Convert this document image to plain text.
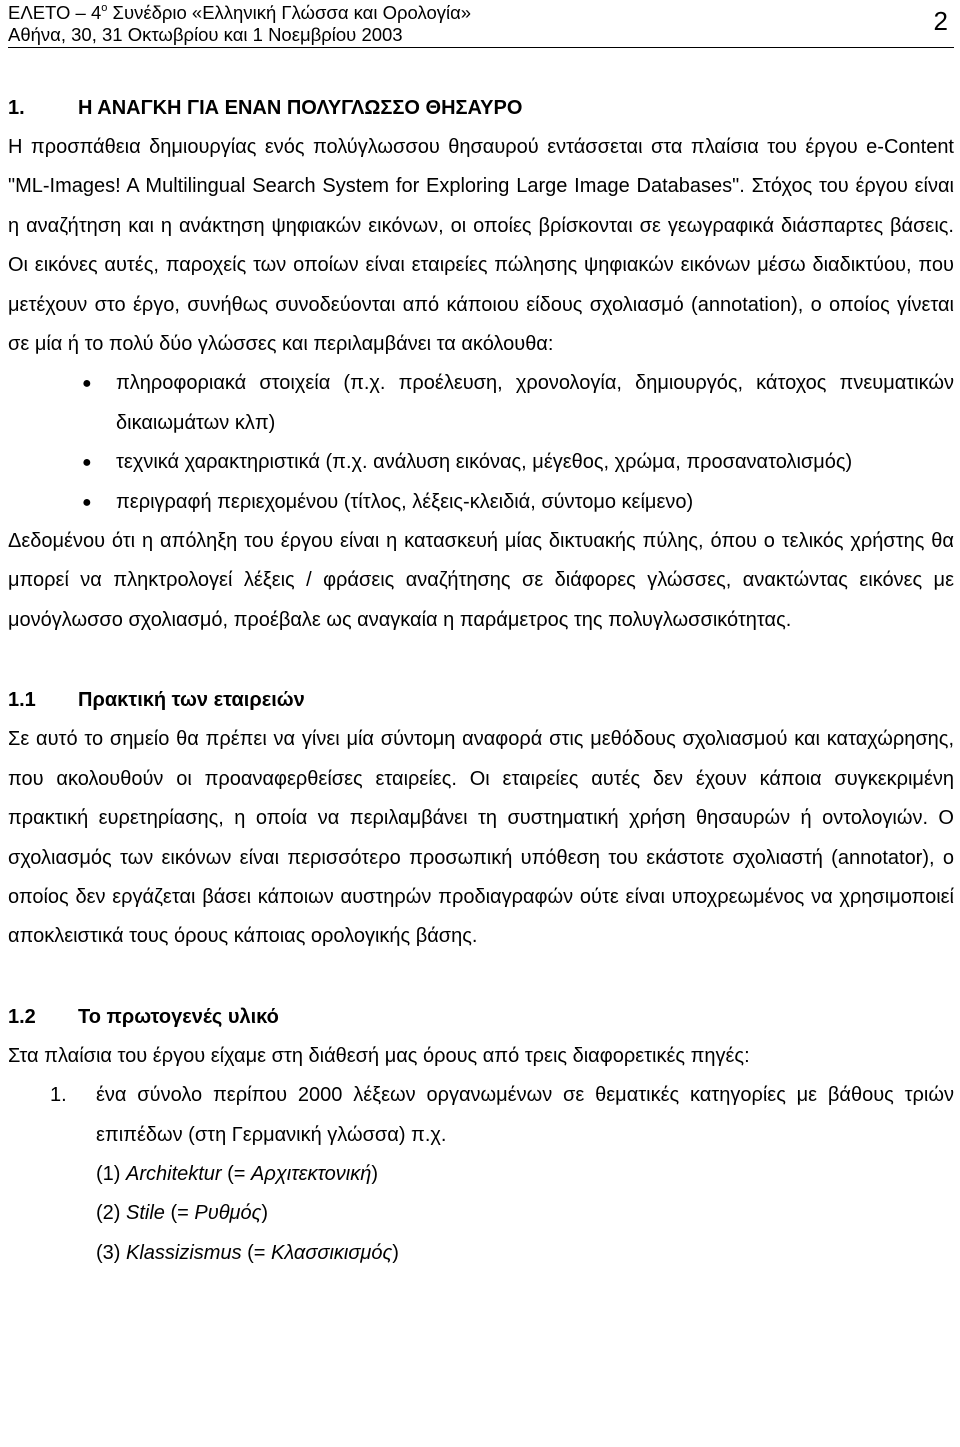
ΕΛΕΤΟ – $4^o$ Συνέδριο «Ελληνική Γλώσσα και Ορολογία»
Αθήνα, 30, 31 Οκτωβρίου και 1 Νοεμβρίου 2003	2
1.	Η ΑΝΑΓΚΗ ΓΙΑ ΕΝΑΝ ΠΟΛΥΓΛΩΣΣΟ ΘΗΣΑΥΡΟ

Η προσπάθεια δημιουργίας ενός πολύγλωσσου θησαυρού εντάσσεται στα πλαίσια του έργου e-Content "ML-Images! A Multilingual Search System for Exploring Large Image Databases". Στόχος του έργου είναι η αναζήτηση και η ανάκτηση ψηφιακών εικόνων, οι οποίες βρίσκονται σε γεωγραφικά διάσπαρτες βάσεις. Οι εικόνες αυτές, παροχείς των οποίων είναι εταιρείες πώλησης ψηφιακών εικόνων μέσω διαδικτύου, που μετέχουν στο έργο, συνήθως συνοδεύονται από κάποιου είδους σχολιασμό (annotation), ο οποίος γίνεται σε μία ή το πολύ δύο γλώσσες και περιλαμβάνει τα ακόλουθα:

● πληροφοριακά στοιχεία (π.χ. προέλευση, χρονολογία, δημιουργός, κάτοχος πνευματικών δικαιωμάτων κλπ)
● τεχνικά χαρακτηριστικά (π.χ. ανάλυση εικόνας, μέγεθος, χρώμα, προσανατολισμός)
● περιγραφή περιεχομένου (τίτλος, λέξεις-κλειδιά, σύντομο κείμενο)

Δεδομένου ότι η απόληξη του έργου είναι η κατασκευή μίας δικτυακής πύλης, όπου ο τελικός χρήστης θα μπορεί να πληκτρολογεί λέξεις / φράσεις αναζήτησης σε διάφορες γλώσσες, ανακτώντας εικόνες με μονόγλωσσο σχολιασμό, προέβαλε ως αναγκαία η παράμετρος της πολυγλωσσικότητας.

1.1	Πρακτική των εταιρειών

Σε αυτό το σημείο θα πρέπει να γίνει μία σύντομη αναφορά στις μεθόδους σχολιασμού και καταχώρησης, που ακολουθούν οι προαναφερθείσες εταιρείες. Οι εταιρείες αυτές δεν έχουν κάποια συγκεκριμένη πρακτική ευρετηρίασης, η οποία να περιλαμβάνει τη συστηματική χρήση θησαυρών ή οντολογιών. Ο σχολιασμός των εικόνων είναι περισσότερο προσωπική υπόθεση του εκάστοτε σχολιαστή (annotator), ο οποίος δεν εργάζεται βάσει κάποιων αυστηρών προδιαγραφών ούτε είναι υποχρεωμένος να χρησιμοποιεί αποκλειστικά τους όρους κάποιας ορολογικής βάσης.

1.2	Το πρωτογενές υλικό

Στα πλαίσια του έργου είχαμε στη διάθεσή μας όρους από τρεις διαφορετικές πηγές:

1. ένα σύνολο περίπου 2000 λέξεων οργανωμένων σε θεματικές κατηγορίες με βάθους τριών επιπέδων (στη Γερμανική γλώσσα) π.χ.
(1) Architektur (= Αρχιτεκτονική)
(2) Stile (= Ρυθμός)
(3) Klassizismus (= Κλασσικισμός)
